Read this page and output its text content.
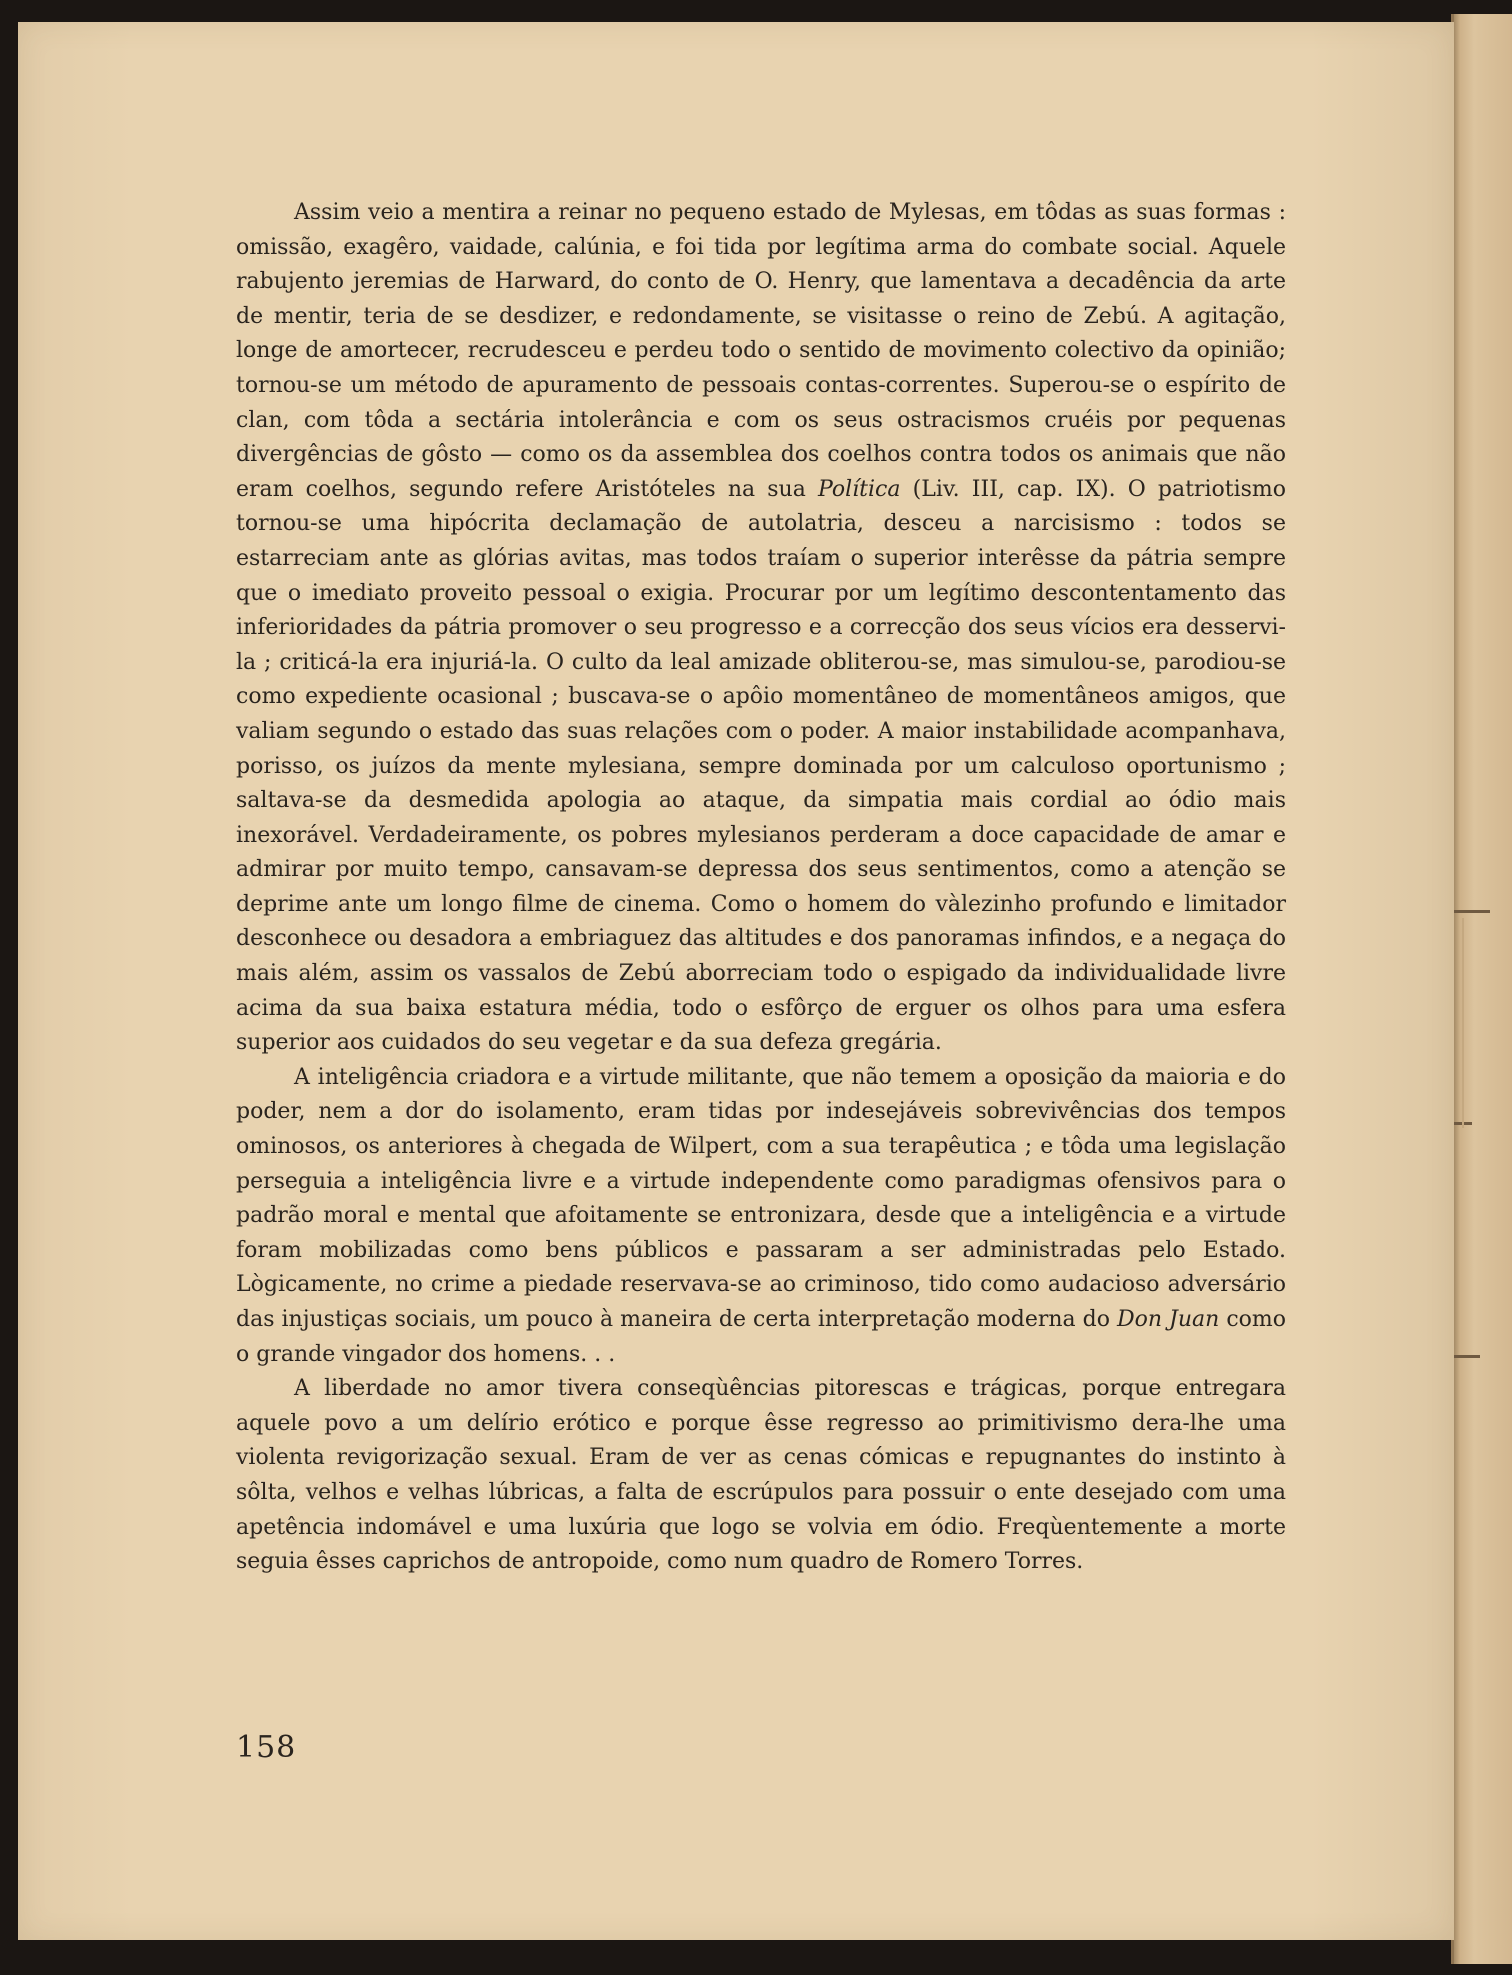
Assim veio a mentira a reinar no pequeno estado de Mylesas, em tôdas as suas formas : omissão, exagêro, vaidade, calúnia, e foi tida por legítima arma do combate social. Aquele rabujento jeremias de Harward, do conto de O. Henry, que lamentava a decadência da arte de mentir, teria de se desdizer, e redondamente, se visitasse o reino de Zebú. A agitação, longe de amortecer, recrudesceu e perdeu todo o sentido de movimento colectivo da opinião; tornou-se um método de apuramento de pessoais contas-correntes. Superou-se o espírito de clan, com tôda a sectária intolerância e com os seus ostracismos cruéis por pequenas divergências de gôsto — como os da assemblea dos coelhos contra todos os animais que não eram coelhos, segundo refere Aristóteles na sua Política (Liv. III, cap. IX). O patriotismo tornou-se uma hipócrita declamação de autolatria, desceu a narcisismo : todos se estarreciam ante as glórias avitas, mas todos traíam o superior interêsse da pátria sempre que o imediato proveito pessoal o exigia. Procurar por um legítimo descontentamento das inferioridades da pátria promover o seu progresso e a correcção dos seus vícios era desservi-la ; criticá-la era injuriá-la. O culto da leal amizade obliterou-se, mas simulou-se, parodiou-se como expediente ocasional ; buscava-se o apôio momentâneo de momentâneos amigos, que valiam segundo o estado das suas relações com o poder. A maior instabilidade acompanhava, porisso, os juízos da mente mylesiana, sempre dominada por um calculoso oportunismo ; saltava-se da desmedida apologia ao ataque, da simpatia mais cordial ao ódio mais inexorável. Verdadeiramente, os pobres mylesianos perderam a doce capacidade de amar e admirar por muito tempo, cansavam-se depressa dos seus sentimentos, como a atenção se deprime ante um longo filme de cinema. Como o homem do vàlezinho profundo e limitador desconhece ou desadora a embriaguez das altitudes e dos panoramas infindos, e a negaça do mais além, assim os vassalos de Zebú aborreciam todo o espigado da individualidade livre acima da sua baixa estatura média, todo o esfôrço de erguer os olhos para uma esfera superior aos cuidados do seu vegetar e da sua defeza gregária.

A inteligência criadora e a virtude militante, que não temem a oposição da maioria e do poder, nem a dor do isolamento, eram tidas por indesejáveis sobrevivências dos tempos ominosos, os anteriores à chegada de Wilpert, com a sua terapêutica ; e tôda uma legislação perseguia a inteligência livre e a virtude independente como paradigmas ofensivos para o padrão moral e mental que afoitamente se entronizara, desde que a inteligência e a virtude foram mobilizadas como bens públicos e passaram a ser administradas pelo Estado. Lògicamente, no crime a piedade reservava-se ao criminoso, tido como audacioso adversário das injustiças sociais, um pouco à maneira de certa interpretação moderna do Don Juan como o grande vingador dos homens. . .

A liberdade no amor tivera conseqùências pitorescas e trágicas, porque entregara aquele povo a um delírio erótico e porque êsse regresso ao primitivismo dera-lhe uma violenta revigorização sexual. Eram de ver as cenas cómicas e repugnantes do instinto à sôlta, velhos e velhas lúbricas, a falta de escrúpulos para possuir o ente desejado com uma apetência indomável e uma luxúria que logo se volvia em ódio. Freqùentemente a morte seguia êsses caprichos de antropoide, como num quadro de Romero Torres.

158
